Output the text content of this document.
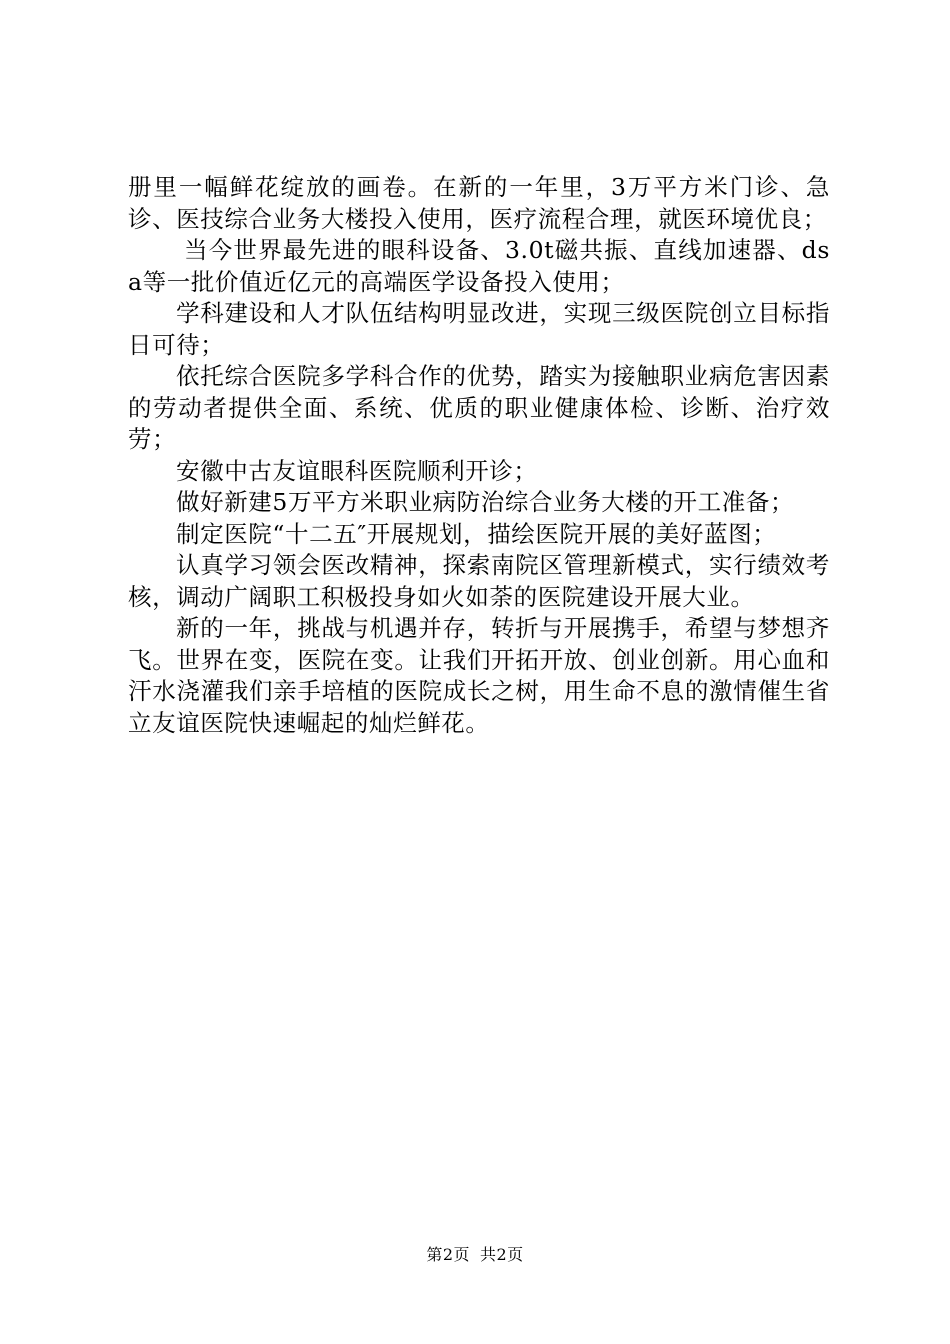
册里一幅鲜花绽放的画卷。在新的一年里，3万平方米门诊、急诊、医技综合业务大楼投入使用，医疗流程合理，就医环境优良；

当今世界最先进的眼科设备、3.0t磁共振、直线加速器、dsa等一批价值近亿元的高端医学设备投入使用；

学科建设和人才队伍结构明显改进，实现三级医院创立目标指日可待；

依托综合医院多学科合作的优势，踏实为接触职业病危害因素的劳动者提供全面、系统、优质的职业健康体检、诊断、治疗效劳；

安徽中古友谊眼科医院顺利开诊；

做好新建5万平方米职业病防治综合业务大楼的开工准备；

制定医院“十二五″开展规划，描绘医院开展的美好蓝图；

认真学习领会医改精神，探索南院区管理新模式，实行绩效考核，调动广阔职工积极投身如火如荼的医院建设开展大业。

新的一年，挑战与机遇并存，转折与开展携手，希望与梦想齐飞。世界在变，医院在变。让我们开拓开放、创业创新。用心血和汗水浇灌我们亲手培植的医院成长之树，用生命不息的激情催生省立友谊医院快速崛起的灿烂鲜花。

第2页 共2页
